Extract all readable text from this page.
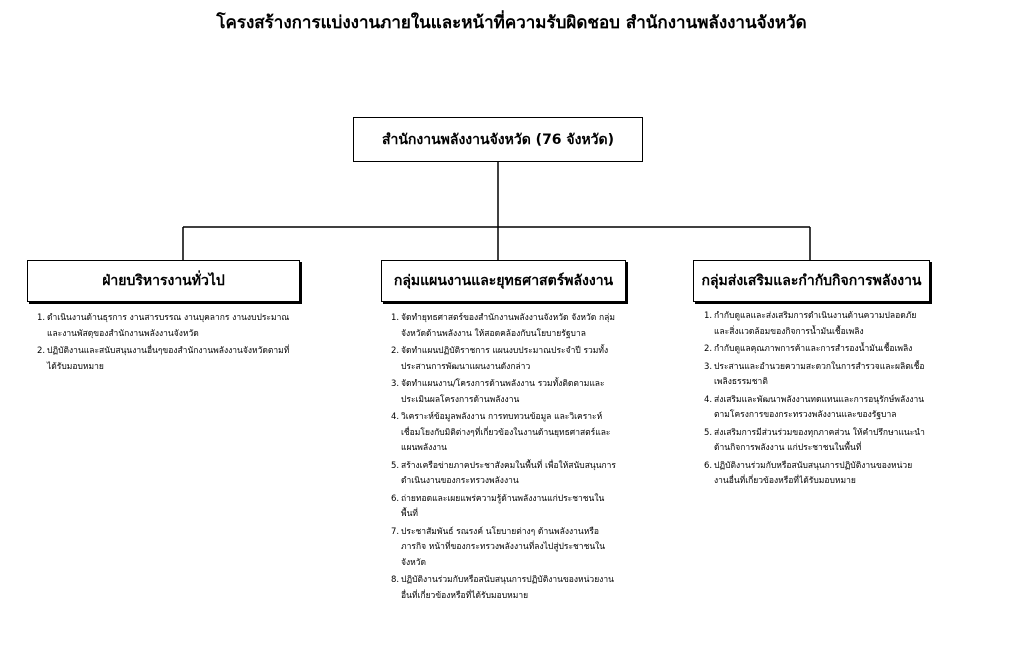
โครงสร้างการแบ่งงานภายในและหน้าที่ความรับผิดชอบ สำนักงานพลังงานจังหวัด
สำนักงานพลังงานจังหวัด (76 จังหวัด)
ฝ่ายบริหารงานทั่วไป	กลุ่มแผนงานและยุทธศาสตร์พลังงาน	กลุ่มส่งเสริมและกำกับกิจการพลังงาน
1. ดำเนินงานด้านธุรการ งานสารบรรณ งานบุคลากร งานงบประมาณ และงานพัสดุของสำนักงานพลังงานจังหวัด
2. ปฏิบัติงานและสนับสนุนงานอื่นๆของสำนักงานพลังงานจังหวัดตามที่ได้รับมอบหมาย
1. จัดทำยุทธศาสตร์ของสำนักงานพลังงานจังหวัด จังหวัด กลุ่มจังหวัดด้านพลังงาน ให้สอดคล้องกับนโยบายรัฐบาล
2. จัดทำแผนปฏิบัติราชการ แผนงบประมาณประจำปี รวมทั้งประสานการพัฒนาแผนงานดังกล่าว
3. จัดทำแผนงาน/โครงการด้านพลังงาน รวมทั้งติดตามและประเมินผลโครงการด้านพลังงาน
4. วิเคราะห์ข้อมูลพลังงาน การทบทวนข้อมูล และวิเคราะห์ เชื่อมโยงกับมิติต่างๆที่เกี่ยวข้องในงานด้านยุทธศาสตร์และแผนพลังงาน
5. สร้างเครือข่ายภาคประชาสังคมในพื้นที่ เพื่อให้สนับสนุนการดำเนินงานของกระทรวงพลังงาน
6. ถ่ายทอดและเผยแพร่ความรู้ด้านพลังงานแก่ประชาชนในพื้นที่
7. ประชาสัมพันธ์ รณรงค์ นโยบายต่างๆ ด้านพลังงานหรือภารกิจ หน้าที่ของกระทรวงพลังงานที่ลงไปสู่ประชาชนในจังหวัด
8. ปฏิบัติงานร่วมกับหรือสนับสนุนการปฏิบัติงานของหน่วยงานอื่นที่เกี่ยวข้องหรือที่ได้รับมอบหมาย
1. กำกับดูแลและส่งเสริมการดำเนินงานด้านความปลอดภัยและสิ่งแวดล้อมของกิจการน้ำมันเชื้อเพลิง
2. กำกับดูแลคุณภาพการค้าและการสำรองน้ำมันเชื้อเพลิง
3. ประสานและอำนวยความสะดวกในการสำรวจและผลิตเชื้อเพลิงธรรมชาติ
4. ส่งเสริมและพัฒนาพลังงานทดแทนและการอนุรักษ์พลังงานตามโครงการของกระทรวงพลังงานและของรัฐบาล
5. ส่งเสริมการมีส่วนร่วมของทุกภาคส่วน ให้คำปรึกษาแนะนำด้านกิจการพลังงาน แก่ประชาชนในพื้นที่
6. ปฏิบัติงานร่วมกับหรือสนับสนุนการปฏิบัติงานของหน่วยงานอื่นที่เกี่ยวข้องหรือที่ได้รับมอบหมาย
